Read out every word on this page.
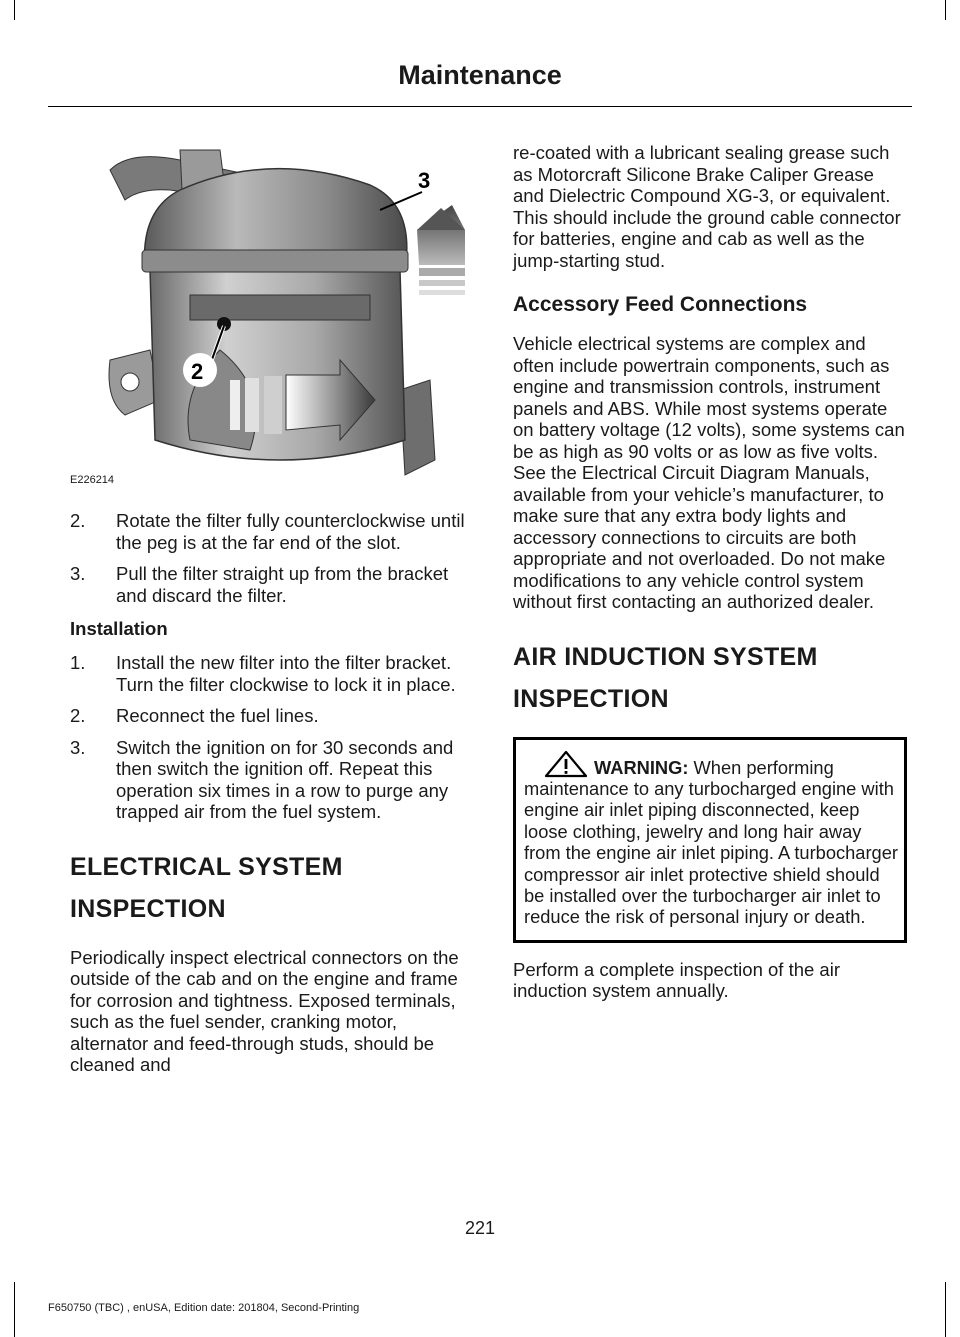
Maintenance
3
2
E226214
2. Rotate the filter fully counterclockwise until the peg is at the far end of the slot.
3. Pull the filter straight up from the bracket and discard the filter.
Installation
1. Install the new filter into the filter bracket. Turn the filter clockwise to lock it in place.
2. Reconnect the fuel lines.
3. Switch the ignition on for 30 seconds and then switch the ignition off. Repeat this operation six times in a row to purge any trapped air from the fuel system.
ELECTRICAL SYSTEM
INSPECTION

Periodically inspect electrical connectors on the outside of the cab and on the engine and frame for corrosion and tightness. Exposed terminals, such as the fuel sender, cranking motor, alternator and feed-through studs, should be cleaned and

re-coated with a lubricant sealing grease such as Motorcraft Silicone Brake Caliper Grease and Dielectric Compound XG-3, or equivalent. This should include the ground cable connector for batteries, engine and cab as well as the jump-starting stud.

Accessory Feed Connections

Vehicle electrical systems are complex and often include powertrain components, such as engine and transmission controls, instrument panels and ABS. While most systems operate on battery voltage (12 volts), some systems can be as high as 90 volts or as low as five volts. See the Electrical Circuit Diagram Manuals, available from your vehicle’s manufacturer, to make sure that any extra body lights and accessory connections to circuits are both appropriate and not overloaded. Do not make modifications to any vehicle control system without first contacting an authorized dealer.

AIR INDUCTION SYSTEM
INSPECTION

WARNING: When performing maintenance to any turbocharged engine with engine air inlet piping disconnected, keep loose clothing, jewelry and long hair away from the engine air inlet piping. A turbocharger compressor air inlet protective shield should be installed over the turbocharger air inlet to reduce the risk of personal injury or death.

Perform a complete inspection of the air induction system annually.

221
F650750 (TBC) , enUSA, Edition date: 201804, Second-Printing
